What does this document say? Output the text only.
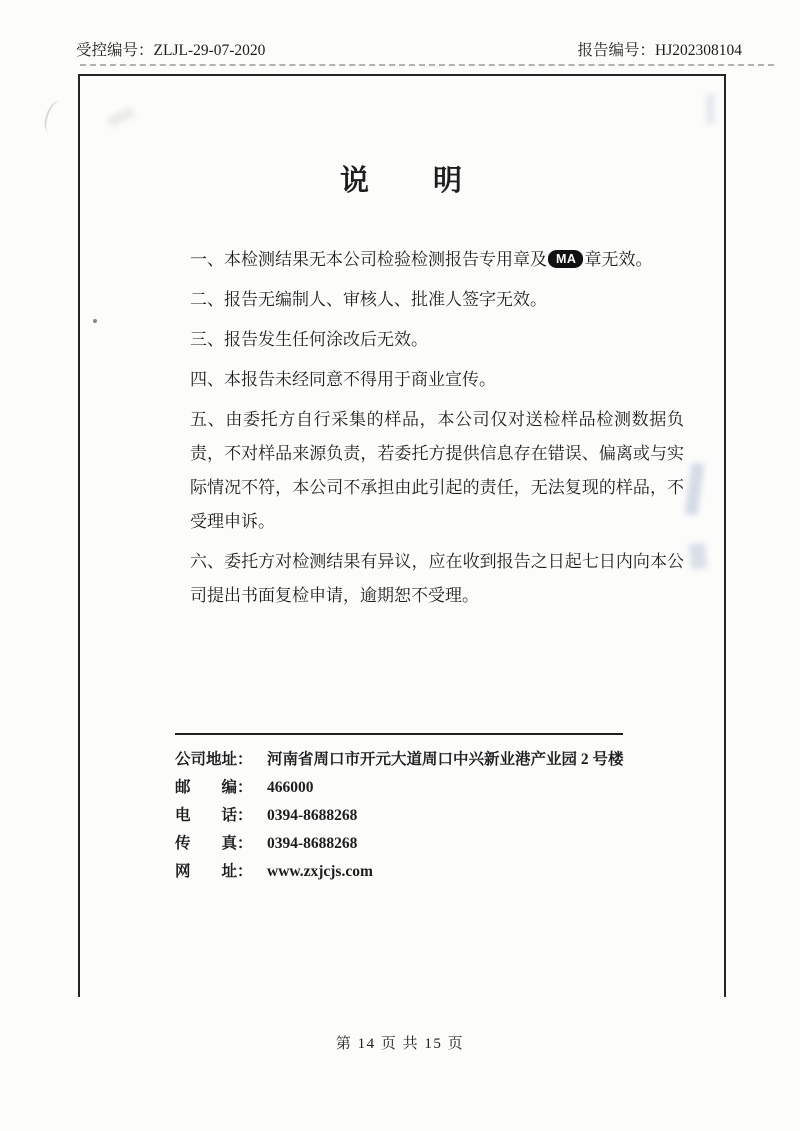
受控编号：ZLJL-29-07-2020	报告编号：HJ202308104
说　　明

一、本检测结果无本公司检验检测报告专用章及 MA 章无效。

二、报告无编制人、审核人、批准人签字无效。

三、报告发生任何涂改后无效。

四、本报告未经同意不得用于商业宣传。

五、由委托方自行采集的样品，本公司仅对送检样品检测数据负责，不对样品来源负责，若委托方提供信息存在错误、偏离或与实际情况不符，本公司不承担由此引起的责任，无法复现的样品，不受理申诉。

六、委托方对检测结果有异议，应在收到报告之日起七日内向本公司提出书面复检申请，逾期恕不受理。

公司地址： 河南省周口市开元大道周口中兴新业港产业园 2 号楼
邮　　编： 466000
电　　话： 0394-8688268
传　　真： 0394-8688268
网　　址： www.zxjcjs.com
第 14 页 共 15 页
